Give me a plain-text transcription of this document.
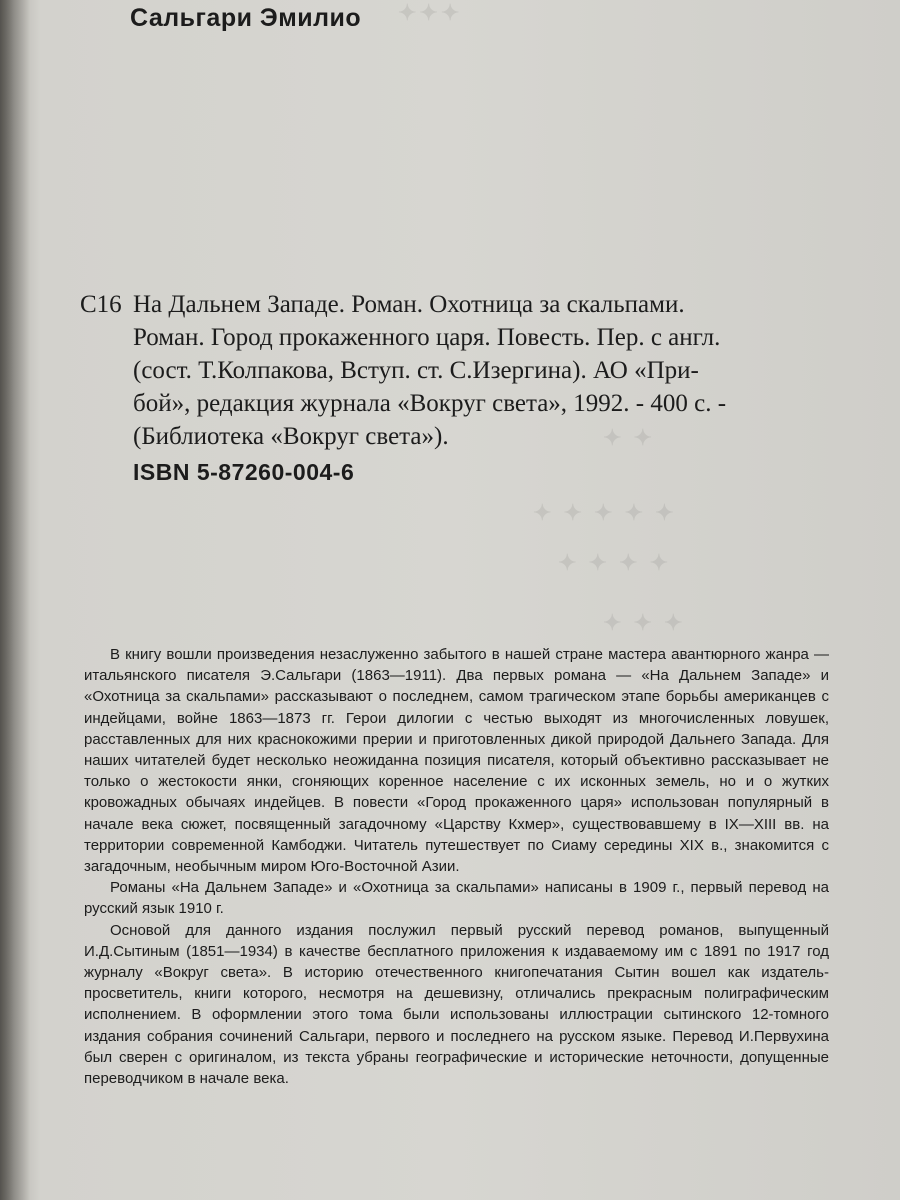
✦✦✦
✦ ✦
✦ ✦ ✦ ✦ ✦
✦ ✦ ✦ ✦
✦ ✦ ✦
Сальгари Эмилио
С16 На Дальнем Западе. Роман. Охотница за скальпами.
Роман. Город прокаженного царя. Повесть. Пер. с англ.
(сост. Т.Колпакова, Вступ. ст. С.Изергина). АО «При-
бой», редакция журнала «Вокруг света», 1992. - 400 с. -
(Библиотека «Вокруг света»).
ISBN 5-87260-004-6

В книгу вошли произведения незаслуженно забытого в нашей стране мастера авантюрного жанра — итальянского писателя Э.Сальгари (1863—1911). Два первых романа — «На Дальнем Западе» и «Охотница за скальпами» рассказывают о последнем, самом трагическом этапе борьбы американцев с индейцами, войне 1863—1873 гг. Герои дилогии с честью выходят из многочисленных ловушек, расставленных для них краснокожими прерии и приготовленных дикой природой Дальнего Запада. Для наших читателей будет несколько неожиданна позиция писателя, который объективно рассказывает не только о жестокости янки, сгоняющих коренное население с их исконных земель, но и о жутких кровожадных обычаях индейцев. В повести «Город прокаженного царя» использован популярный в начале века сюжет, посвященный загадочному «Царству Кхмер», существовавшему в IX—XIII вв. на территории современной Камбоджи. Читатель путешествует по Сиаму середины XIX в., знакомится с загадочным, необычным миром Юго-Восточной Азии.

Романы «На Дальнем Западе» и «Охотница за скальпами» написаны в 1909 г., первый перевод на русский язык 1910 г.

Основой для данного издания послужил первый русский перевод романов, выпущенный И.Д.Сытиным (1851—1934) в качестве бесплатного приложения к издаваемому им с 1891 по 1917 год журналу «Вокруг света». В историю отечественного книгопечатания Сытин вошел как издатель-просветитель, книги которого, несмотря на дешевизну, отличались прекрасным полиграфическим исполнением. В оформлении этого тома были использованы иллюстрации сытинского 12-томного издания собрания сочинений Сальгари, первого и последнего на русском языке. Перевод И.Первухина был сверен с оригиналом, из текста убраны географические и исторические неточности, допущенные переводчиком в начале века.
